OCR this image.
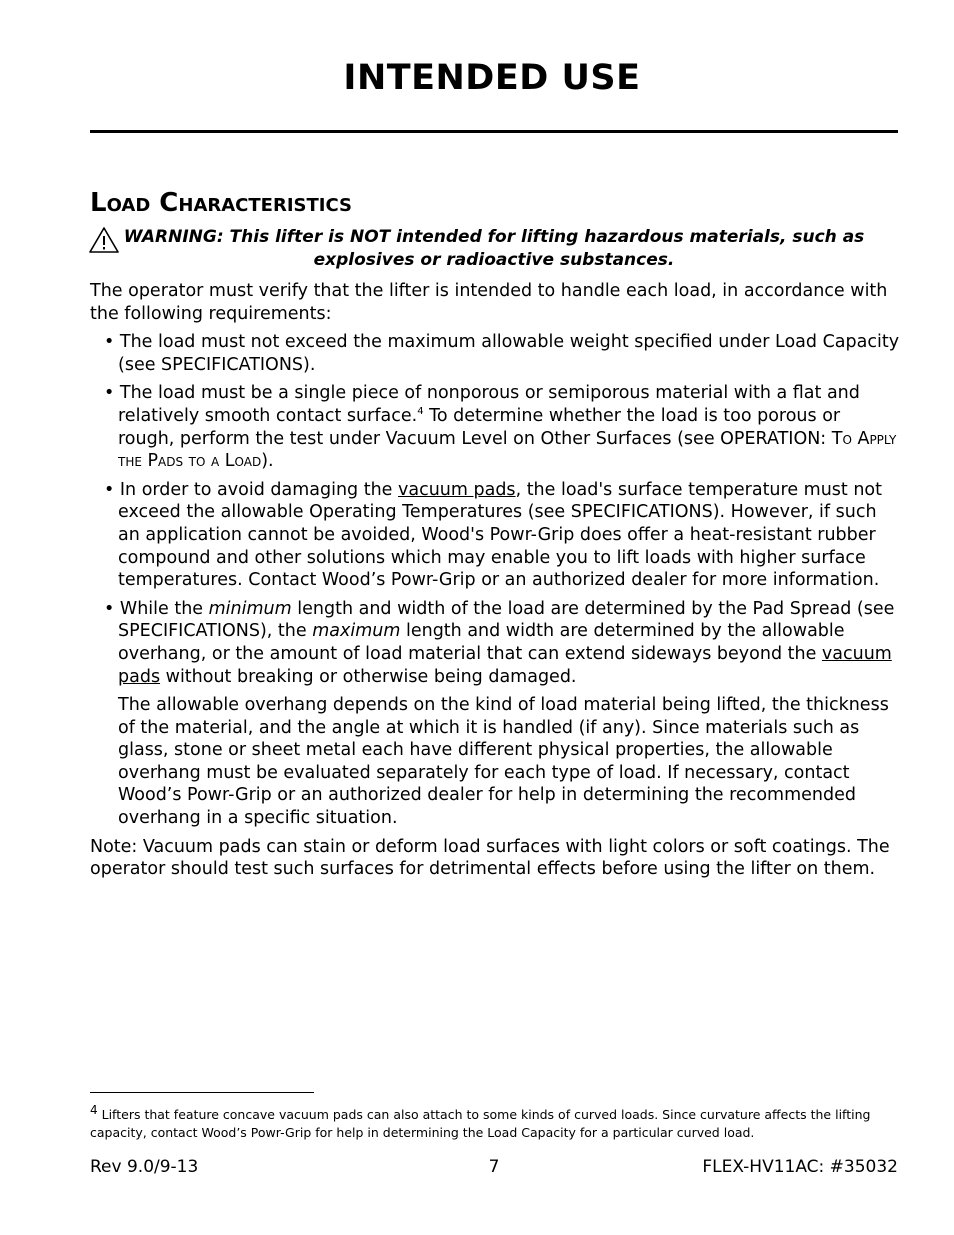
INTENDED USE
Load Characteristics

WARNING: This lifter is NOT intended for lifting hazardous materials, such as explosives or radioactive substances.

The operator must verify that the lifter is intended to handle each load, in accordance with the following requirements:

• The load must not exceed the maximum allowable weight specified under Load Capacity (see SPECIFICATIONS).

• The load must be a single piece of nonporous or semiporous material with a flat and relatively smooth contact surface.$^4$ To determine whether the load is too porous or rough, perform the test under Vacuum Level on Other Surfaces (see OPERATION: To Apply the Pads to a Load).

• In order to avoid damaging the vacuum pads, the load's surface temperature must not exceed the allowable Operating Temperatures (see SPECIFICATIONS). However, if such an application cannot be avoided, Wood's Powr-Grip does offer a heat-resistant rubber compound and other solutions which may enable you to lift loads with higher surface temperatures. Contact Wood’s Powr-Grip or an authorized dealer for more information.

• While the minimum length and width of the load are determined by the Pad Spread (see SPECIFICATIONS), the maximum length and width are determined by the allowable overhang, or the amount of load material that can extend sideways beyond the vacuum pads without breaking or otherwise being damaged.

The allowable overhang depends on the kind of load material being lifted, the thickness of the material, and the angle at which it is handled (if any). Since materials such as glass, stone or sheet metal each have different physical properties, the allowable overhang must be evaluated separately for each type of load. If necessary, contact Wood’s Powr-Grip or an authorized dealer for help in determining the recommended overhang in a specific situation.

Note: Vacuum pads can stain or deform load surfaces with light colors or soft coatings. The operator should test such surfaces for detrimental effects before using the lifter on them.

$^4$ Lifters that feature concave vacuum pads can also attach to some kinds of curved loads. Since curvature affects the lifting capacity, contact Wood’s Powr-Grip for help in determining the Load Capacity for a particular curved load.

Rev 9.0/9-13	7	FLEX-HV11AC: #35032
